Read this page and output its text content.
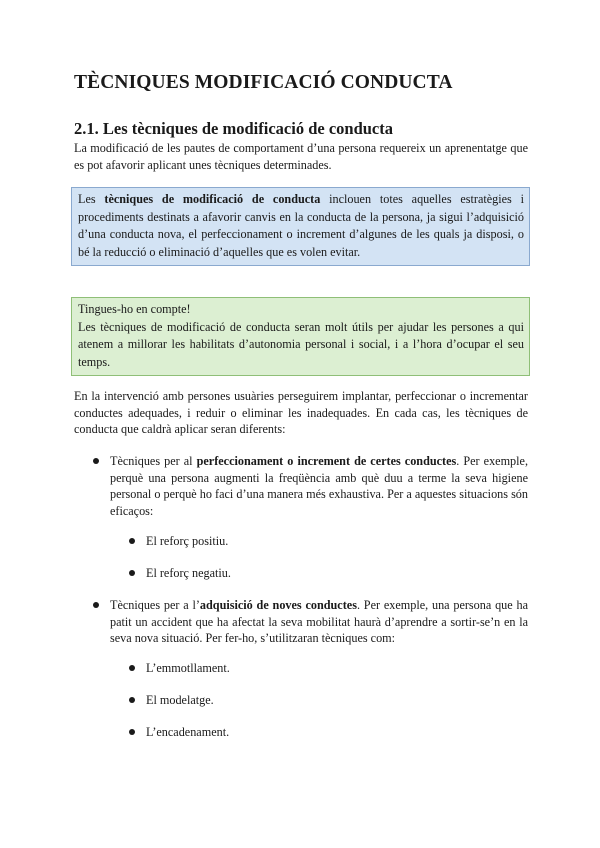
TÈCNIQUES MODIFICACIÓ CONDUCTA
2.1. Les tècniques de modificació de conducta
La modificació de les pautes de comportament d’una persona requereix un aprenentatge que es pot afavorir aplicant unes tècniques determinades.
Les tècniques de modificació de conducta inclouen totes aquelles estratègies i procediments destinats a afavorir canvis en la conducta de la persona, ja sigui l’adquisició d’una conducta nova, el perfeccionament o increment d’algunes de les quals ja disposi, o bé la reducció o eliminació d’aquelles que es volen evitar.
Tingues-ho en compte!
Les tècniques de modificació de conducta seran molt útils per ajudar les persones a qui atenem a millorar les habilitats d’autonomia personal i social, i a l’hora d’ocupar el seu temps.
En la intervenció amb persones usuàries perseguirem implantar, perfeccionar o incrementar conductes adequades, i reduir o eliminar les inadequades. En cada cas, les tècniques de conducta que caldrà aplicar seran diferents:
Tècniques per al perfeccionament o increment de certes conductes. Per exemple, perquè una persona augmenti la freqüència amb què duu a terme la seva higiene personal o perquè ho faci d’una manera més exhaustiva. Per a aquestes situacions són eficaços:
El reforç positiu.
El reforç negatiu.
Tècniques per a l’adquisició de noves conductes. Per exemple, una persona que ha patit un accident que ha afectat la seva mobilitat haurà d’aprendre a sortir-se’n en la seva nova situació. Per fer-ho, s’utilitzaran tècniques com:
L’emmotllament.
El modelatge.
L’encadenament.
